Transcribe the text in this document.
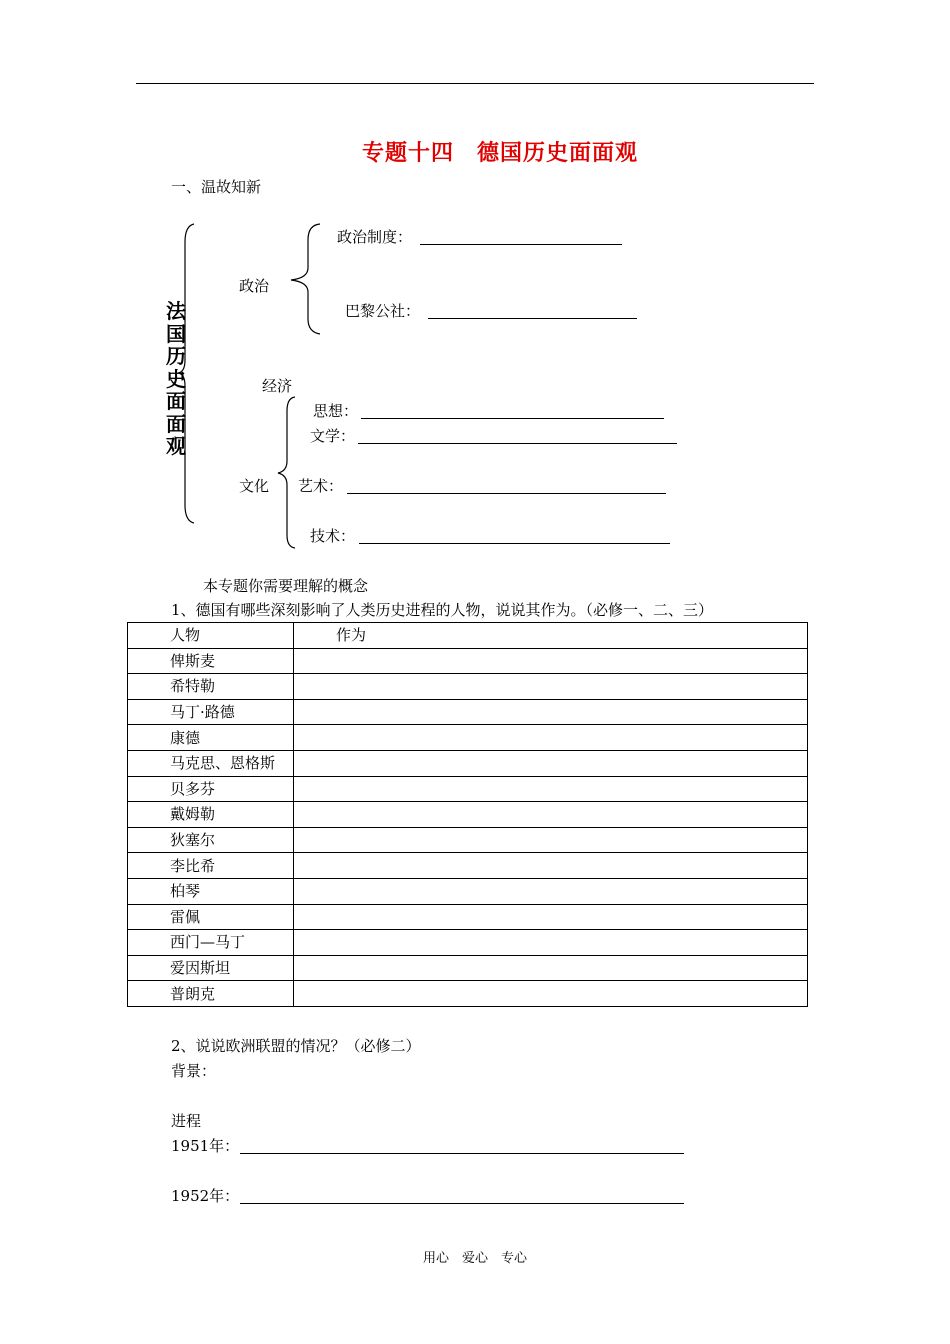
专题十四　德国历史面面观
一、温故知新
法国历史面面观
政治
政治制度：
巴黎公社：
经济
文化
思想：
文学：
艺术：
技术：
本专题你需要理解的概念
1、德国有哪些深刻影响了人类历史进程的人物，说说其作为。（必修一、二、三）
人物	作为
俾斯麦	
希特勒	
马丁·路德	
康德	
马克思、恩格斯	
贝多芬	
戴姆勒	
狄塞尔	
李比希	
柏琴	
雷佩	
西门—马丁	
爱因斯坦	
普朗克	
2、说说欧洲联盟的情况？（必修二）
背景：
进程
1951年：
1952年：
用心　爱心　专心
